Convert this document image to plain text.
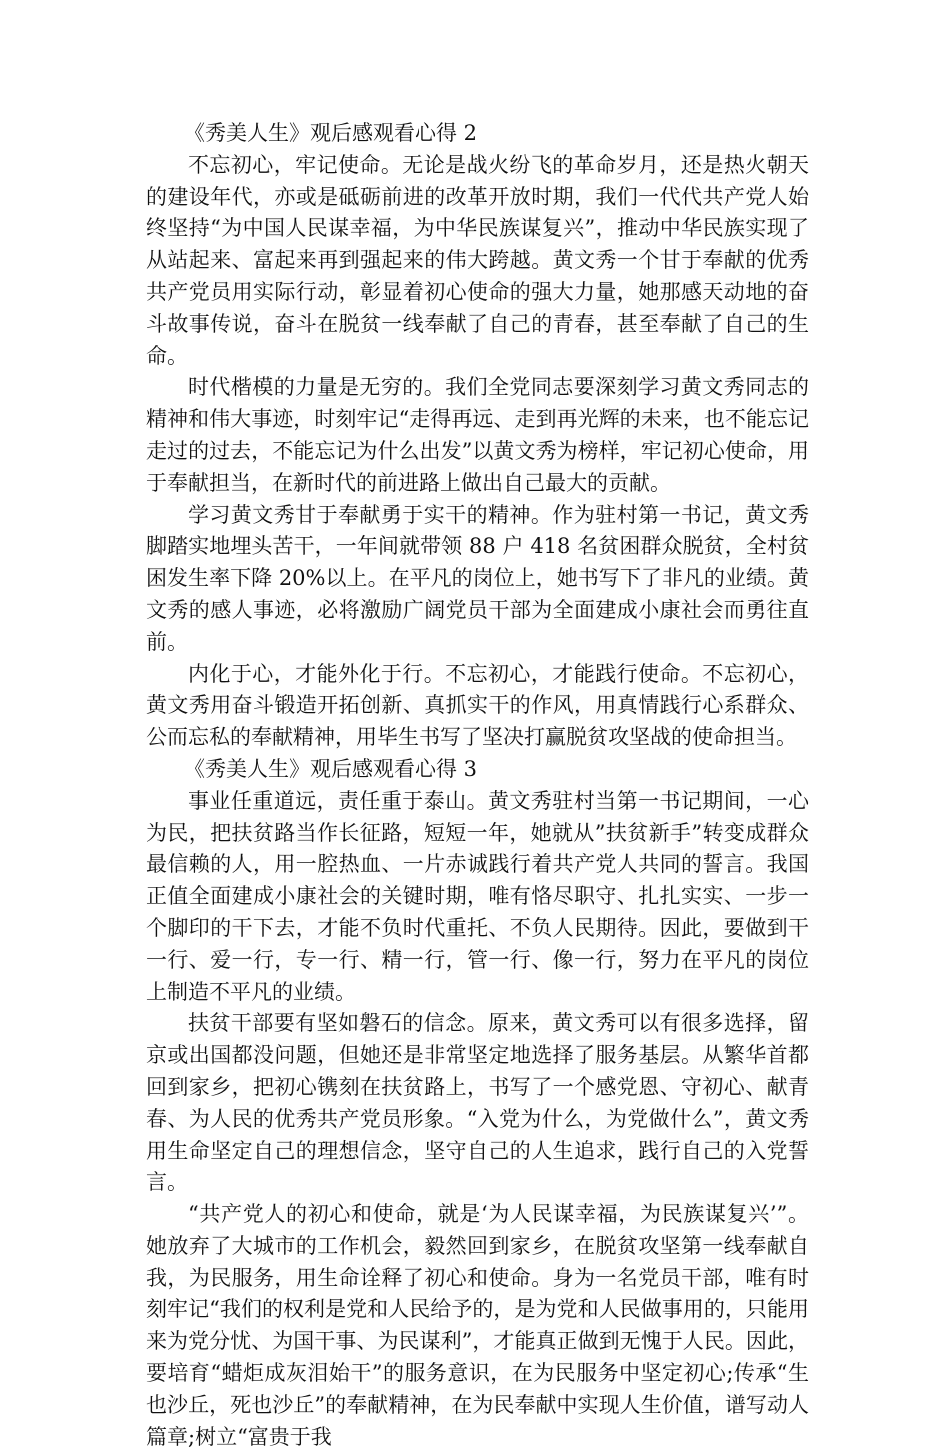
《秀美人生》观后感观看心得 2

不忘初心，牢记使命。无论是战火纷飞的革命岁月，还是热火朝天的建设年代，亦或是砥砺前进的改革开放时期，我们一代代共产党人始终坚持“为中国人民谋幸福，为中华民族谋复兴”，推动中华民族实现了从站起来、富起来再到强起来的伟大跨越。黄文秀一个甘于奉献的优秀共产党员用实际行动，彰显着初心使命的强大力量，她那感天动地的奋斗故事传说，奋斗在脱贫一线奉献了自己的青春，甚至奉献了自己的生命。

时代楷模的力量是无穷的。我们全党同志要深刻学习黄文秀同志的精神和伟大事迹，时刻牢记“走得再远、走到再光辉的未来，也不能忘记走过的过去，不能忘记为什么出发”以黄文秀为榜样，牢记初心使命，用于奉献担当，在新时代的前进路上做出自己最大的贡献。

学习黄文秀甘于奉献勇于实干的精神。作为驻村第一书记，黄文秀脚踏实地埋头苦干，一年间就带领 88 户 418 名贫困群众脱贫，全村贫困发生率下降 20%以上。在平凡的岗位上，她书写下了非凡的业绩。黄文秀的感人事迹，必将激励广阔党员干部为全面建成小康社会而勇往直前。

内化于心，才能外化于行。不忘初心，才能践行使命。不忘初心，黄文秀用奋斗锻造开拓创新、真抓实干的作风，用真情践行心系群众、公而忘私的奉献精神，用毕生书写了坚决打赢脱贫攻坚战的使命担当。

《秀美人生》观后感观看心得 3

事业任重道远，责任重于泰山。黄文秀驻村当第一书记期间，一心为民，把扶贫路当作长征路，短短一年，她就从”扶贫新手”转变成群众最信赖的人，用一腔热血、一片赤诚践行着共产党人共同的誓言。我国正值全面建成小康社会的关键时期，唯有恪尽职守、扎扎实实、一步一个脚印的干下去，才能不负时代重托、不负人民期待。因此，要做到干一行、爱一行，专一行、精一行，管一行、像一行，努力在平凡的岗位上制造不平凡的业绩。

扶贫干部要有坚如磐石的信念。原来，黄文秀可以有很多选择，留京或出国都没问题，但她还是非常坚定地选择了服务基层。从繁华首都回到家乡，把初心镌刻在扶贫路上，书写了一个感党恩、守初心、献青春、为人民的优秀共产党员形象。“入党为什么，为党做什么”，黄文秀用生命坚定自己的理想信念，坚守自己的人生追求，践行自己的入党誓言。

“共产党人的初心和使命，就是‘为人民谋幸福，为民族谋复兴’”。她放弃了大城市的工作机会，毅然回到家乡，在脱贫攻坚第一线奉献自我，为民服务，用生命诠释了初心和使命。身为一名党员干部，唯有时刻牢记“我们的权利是党和人民给予的，是为党和人民做事用的，只能用来为党分忧、为国干事、为民谋利”，才能真正做到无愧于人民。因此，要培育“蜡炬成灰泪始干”的服务意识，在为民服务中坚定初心;传承“生也沙丘，死也沙丘”的奉献精神，在为民奉献中实现人生价值，谱写动人篇章;树立“富贵于我
